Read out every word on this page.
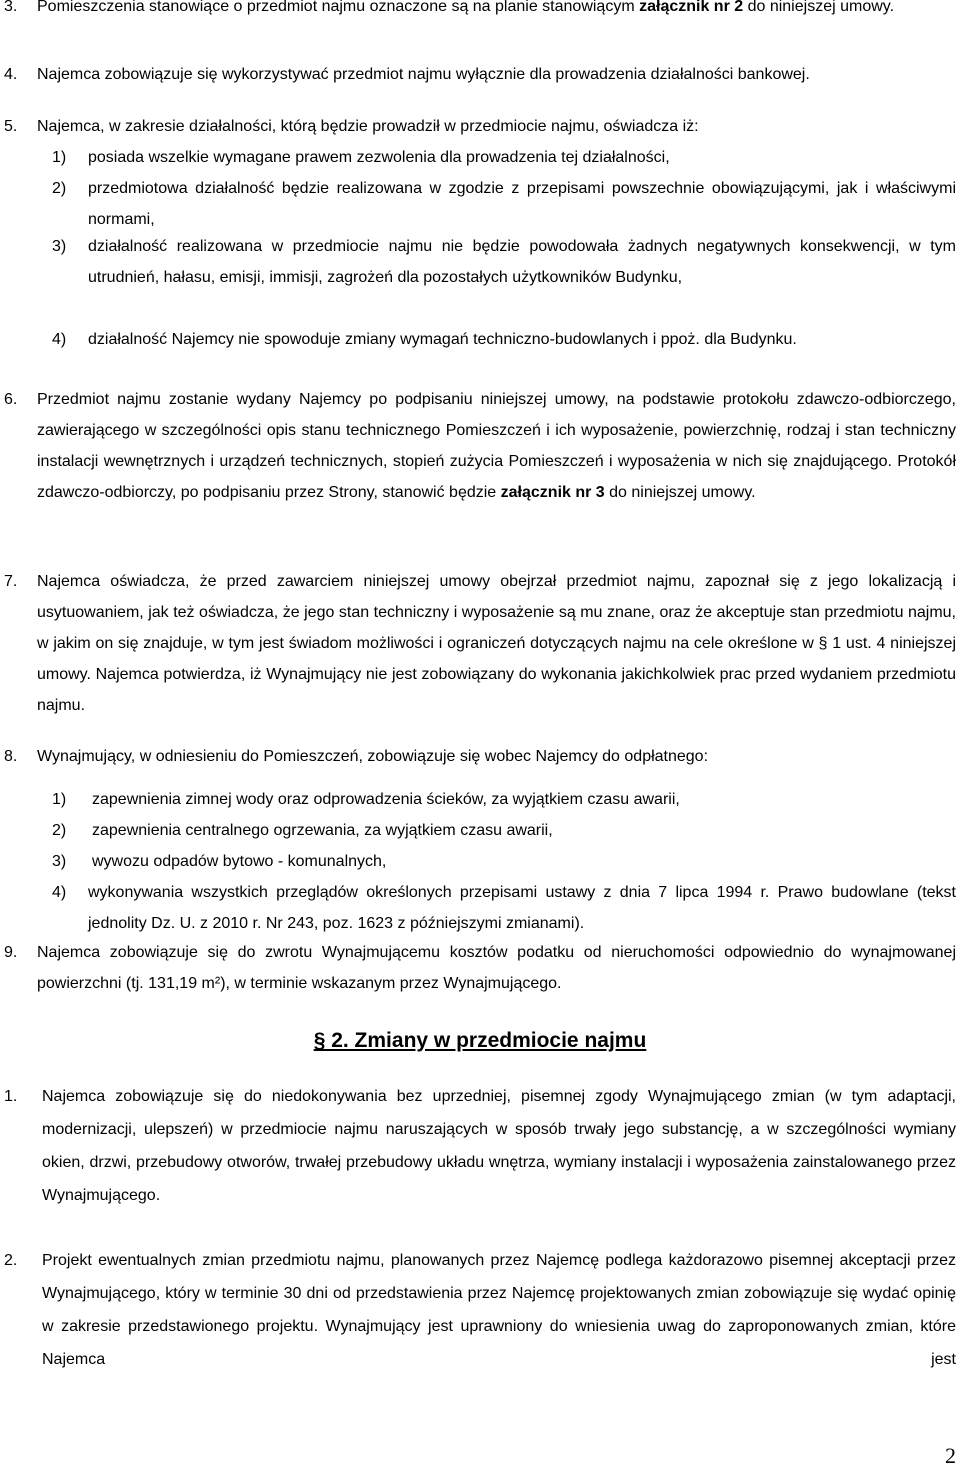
3. Pomieszczenia stanowiące o przedmiot najmu oznaczone są na planie stanowiącym załącznik nr 2 do niniejszej umowy.
4. Najemca zobowiązuje się wykorzystywać przedmiot najmu wyłącznie dla prowadzenia działalności bankowej.
5. Najemca, w zakresie działalności, którą będzie prowadził w przedmiocie najmu, oświadcza iż:
1) posiada wszelkie wymagane prawem zezwolenia dla prowadzenia tej działalności,
2) przedmiotowa działalność będzie realizowana w zgodzie z przepisami powszechnie obowiązującymi, jak i właściwymi normami,
3) działalność realizowana w przedmiocie najmu nie będzie powodowała żadnych negatywnych konsekwencji, w tym utrudnień, hałasu, emisji, immisji, zagrożeń dla pozostałych użytkowników Budynku,
4)	działalność Najemcy nie spowoduje zmiany wymagań techniczno-budowlanych i ppoż. dla Budynku.
6. Przedmiot najmu zostanie wydany Najemcy po podpisaniu niniejszej umowy, na podstawie protokołu zdawczo-odbiorczego, zawierającego w szczególności opis stanu technicznego Pomieszczeń i ich wyposażenie, powierzchnię, rodzaj i stan techniczny instalacji wewnętrznych i urządzeń technicznych, stopień zużycia Pomieszczeń i wyposażenia w nich się znajdującego. Protokół zdawczo-odbiorczy, po podpisaniu przez Strony, stanowić będzie załącznik nr 3 do niniejszej umowy.
7. Najemca oświadcza, że przed zawarciem niniejszej umowy obejrzał przedmiot najmu, zapoznał się z jego lokalizacją i usytuowaniem, jak też oświadcza, że jego stan techniczny i wyposażenie są mu znane, oraz że akceptuje stan przedmiotu najmu, w jakim on się znajduje, w tym jest świadom możliwości i ograniczeń dotyczących najmu na cele określone w § 1 ust. 4 niniejszej umowy. Najemca potwierdza, iż Wynajmujący nie jest zobowiązany do wykonania jakichkolwiek prac przed wydaniem przedmiotu najmu.
8. Wynajmujący, w odniesieniu do Pomieszczeń, zobowiązuje się wobec Najemcy do odpłatnego:
1) zapewnienia zimnej wody oraz odprowadzenia ścieków, za wyjątkiem czasu awarii,
2) zapewnienia centralnego ogrzewania, za wyjątkiem czasu awarii,
3) wywozu odpadów bytowo - komunalnych,
4) wykonywania wszystkich przeglądów określonych przepisami ustawy z dnia 7 lipca 1994 r. Prawo budowlane (tekst jednolity Dz. U. z 2010 r. Nr 243, poz. 1623 z późniejszymi zmianami).
9. Najemca zobowiązuje się do zwrotu Wynajmującemu kosztów podatku od nieruchomości odpowiednio do wynajmowanej powierzchni (tj. 131,19 m²), w terminie wskazanym przez Wynajmującego.
§ 2. Zmiany w przedmiocie najmu
1. Najemca zobowiązuje się do niedokonywania bez uprzedniej, pisemnej zgody Wynajmującego zmian (w tym adaptacji, modernizacji, ulepszeń) w przedmiocie najmu naruszających w sposób trwały jego substancję, a w szczególności wymiany okien, drzwi, przebudowy otworów, trwałej przebudowy układu wnętrza, wymiany instalacji i wyposażenia zainstalowanego przez Wynajmującego.
2. Projekt ewentualnych zmian przedmiotu najmu, planowanych przez Najemcę podlega każdorazowo pisemnej akceptacji przez Wynajmującego, który w terminie 30 dni od przedstawienia przez Najemcę projektowanych zmian zobowiązuje się wydać opinię w zakresie przedstawionego projektu. Wynajmujący jest uprawniony do wniesienia uwag do zaproponowanych zmian, które Najemca jest
2
